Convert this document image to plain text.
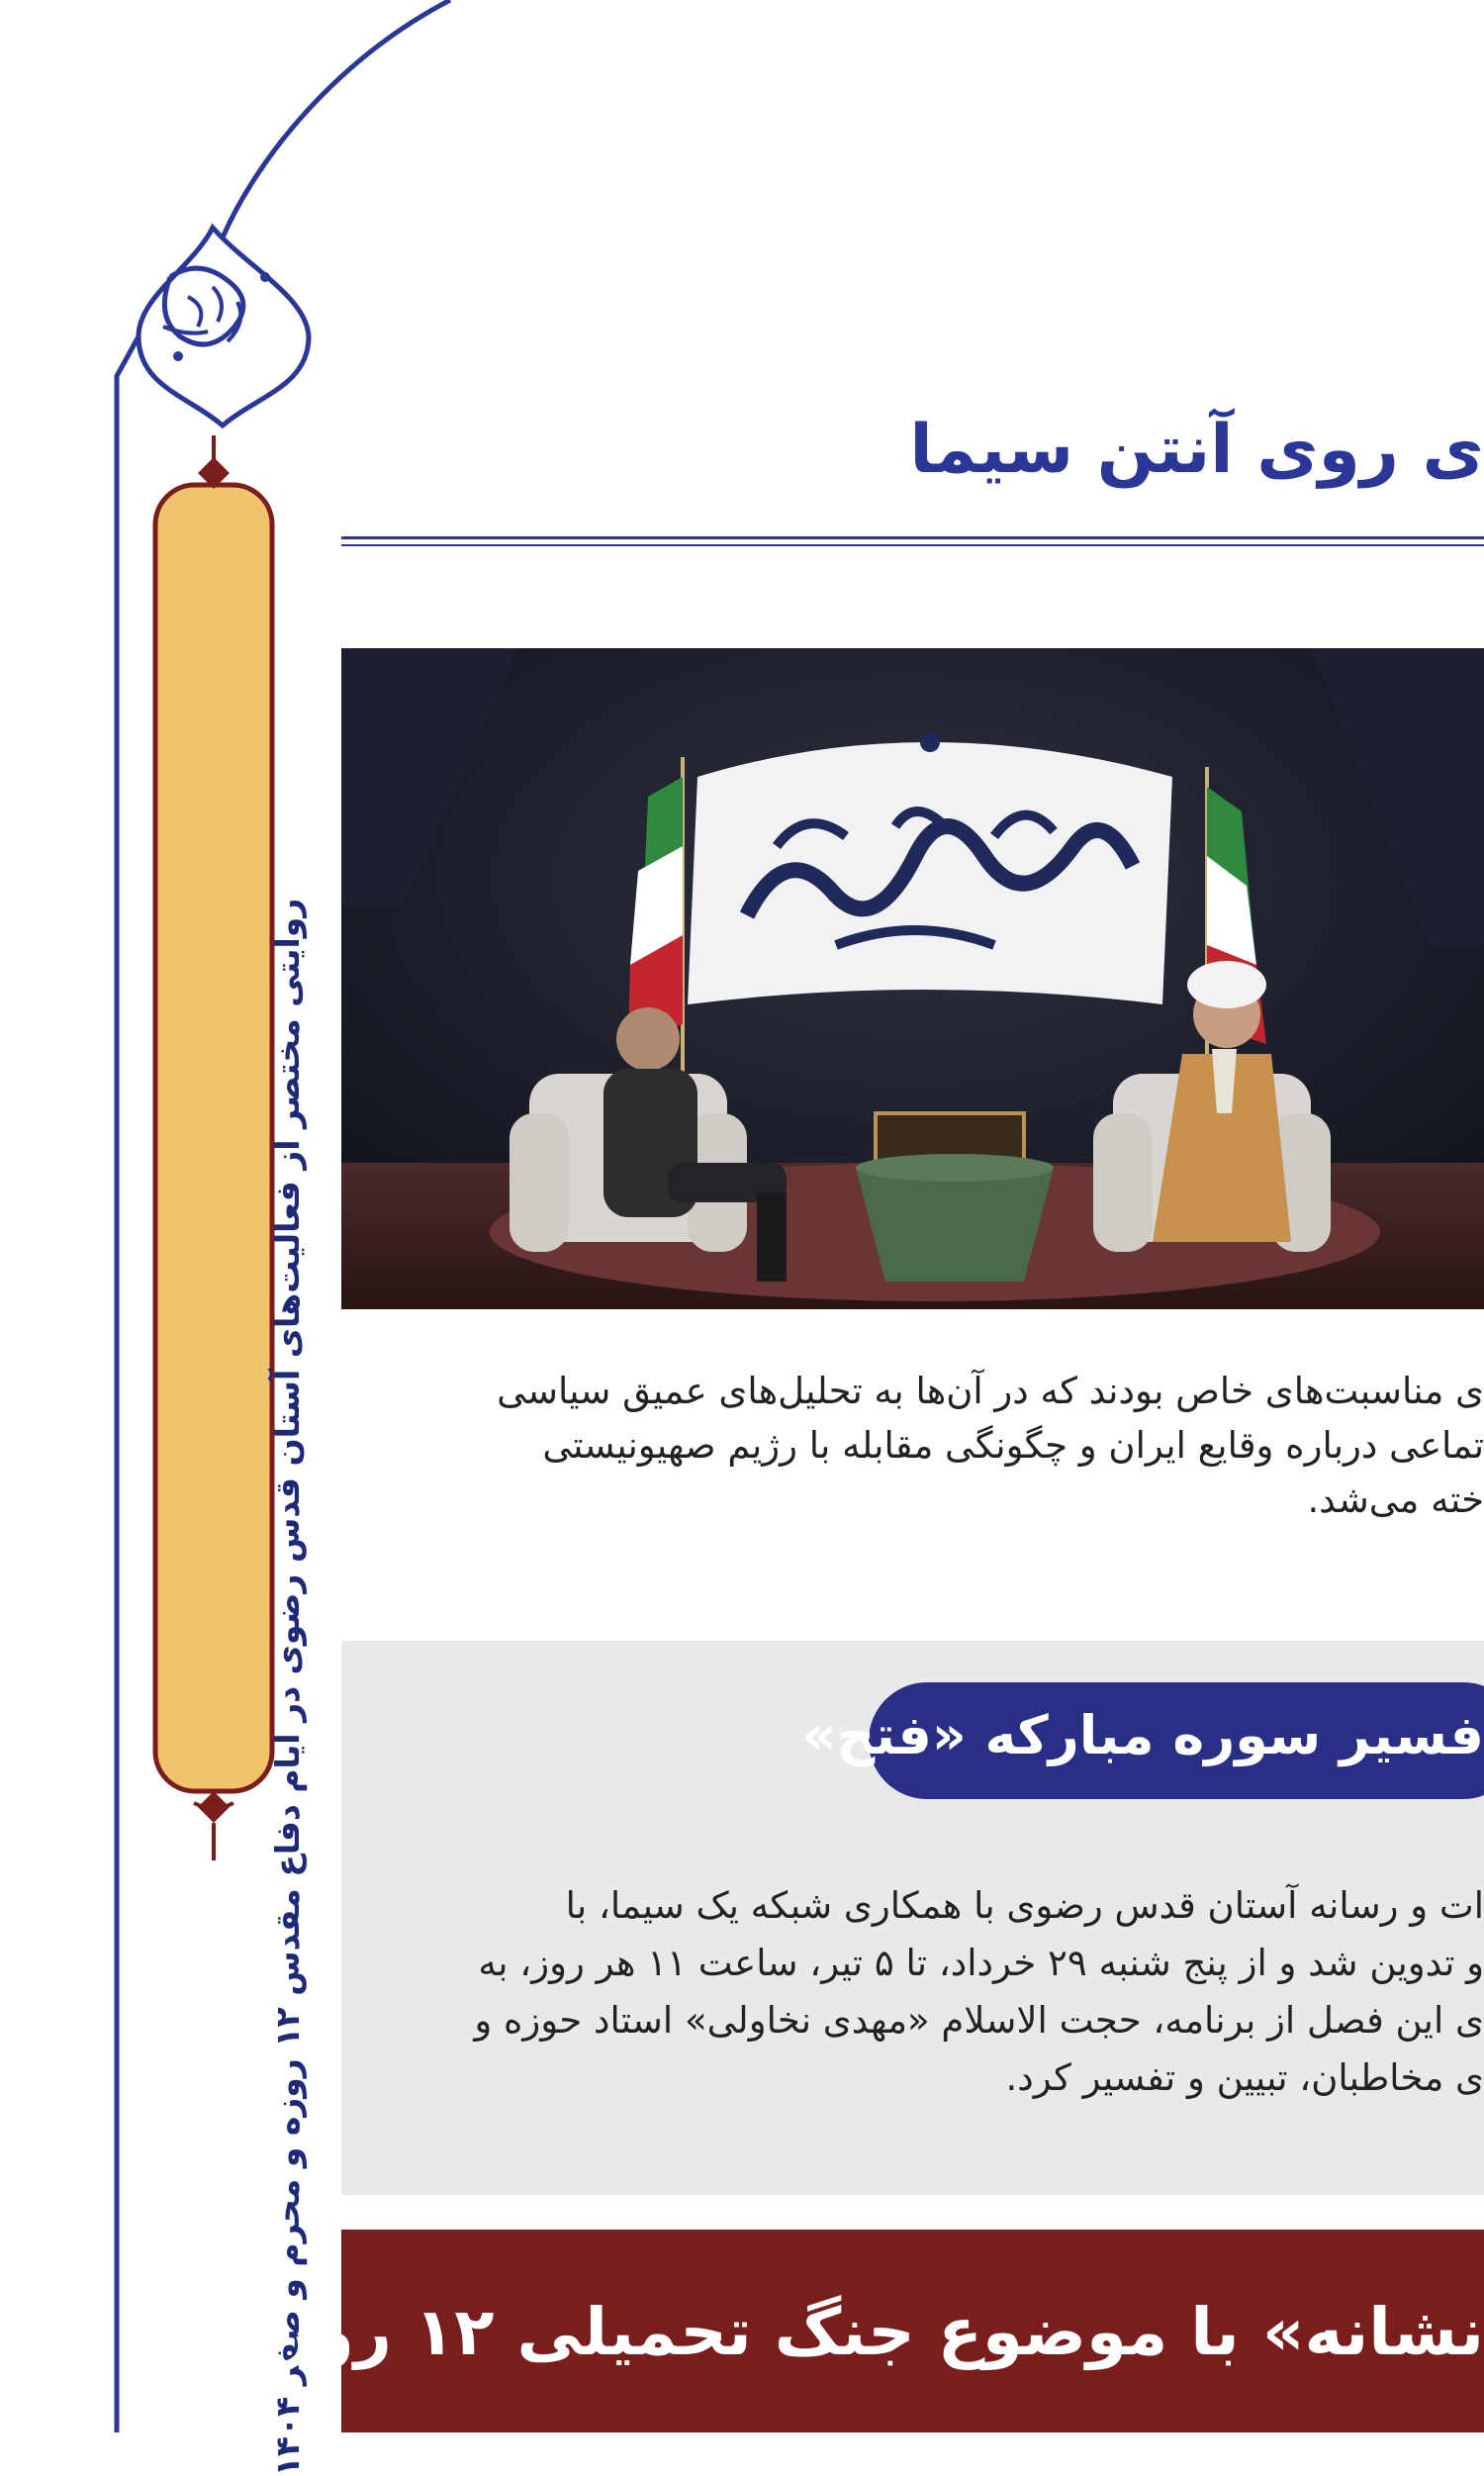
روایتی مختصر از فعالیت‌های آستان قدس رضوی در ایام دفاع مقدس ۱۲ روزه و محرم و صفر ۱۴۰۴
ی روی آنتن سیما
ی مناسبت‌های خاص بودند که در آن‌ها به تحلیل‌های عمیق سیاسی
تماعی درباره وقایع ایران و چگونگی مقابله با رژیم صهیونیستی
خته می‌شد.
فسیر سوره مبارکه «فتح»
ات و رسانه آستان قدس رضوی با همکاری شبکه یک سیما، با
و تدوین شد و از پنج شنبه ۲۹ خرداد، تا ۵ تیر، ساعت ۱۱ هر روز، به
ی این فصل از برنامه، حجت الاسلام «مهدی نخاولی» استاد حوزه و
ی مخاطبان، تبیین و تفسیر کرد.
نشانه» با موضوع جنگ تحمیلی ۱۲ روزه
